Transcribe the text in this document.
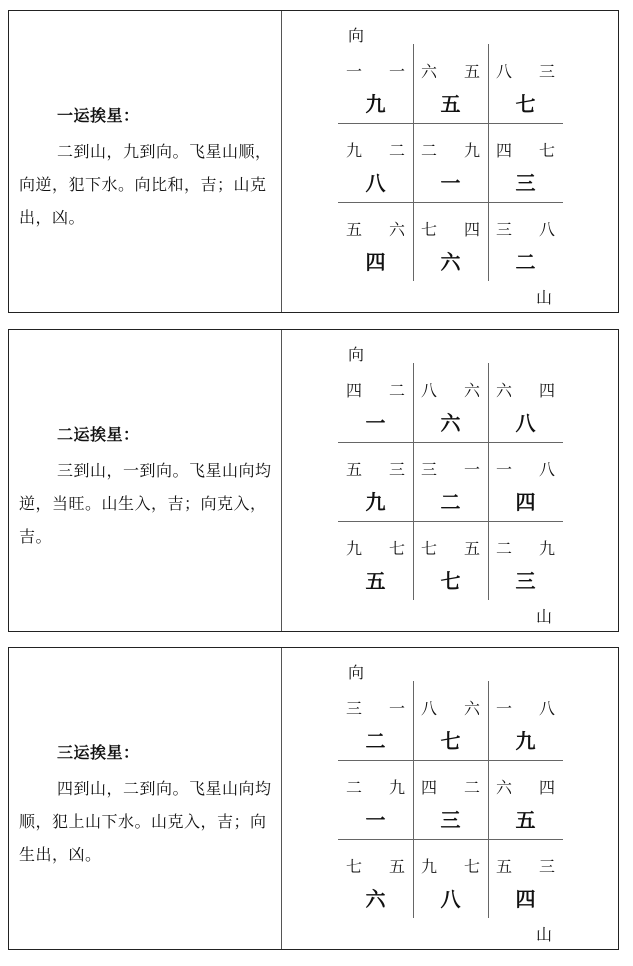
一运挨星：
二到山，九到向。飞星山顺，向逆，犯下水。向比和，吉；山克出，凶。
向
山
一 一
九
六 五
五
八 三
七
九 二
八
二 九
一
四 七
三
五 六
四
七 四
六
三 八
二
二运挨星：
三到山，一到向。飞星山向均逆，当旺。山生入，吉；向克入，吉。
向
山
四 二
一
八 六
六
六 四
八
五 三
九
三 一
二
一 八
四
九 七
五
七 五
七
二 九
三
三运挨星：
四到山，二到向。飞星山向均顺，犯上山下水。山克入，吉；向生出，凶。
向
山
三 一
二
八 六
七
一 八
九
二 九
一
四 二
三
六 四
五
七 五
六
九 七
八
五 三
四
